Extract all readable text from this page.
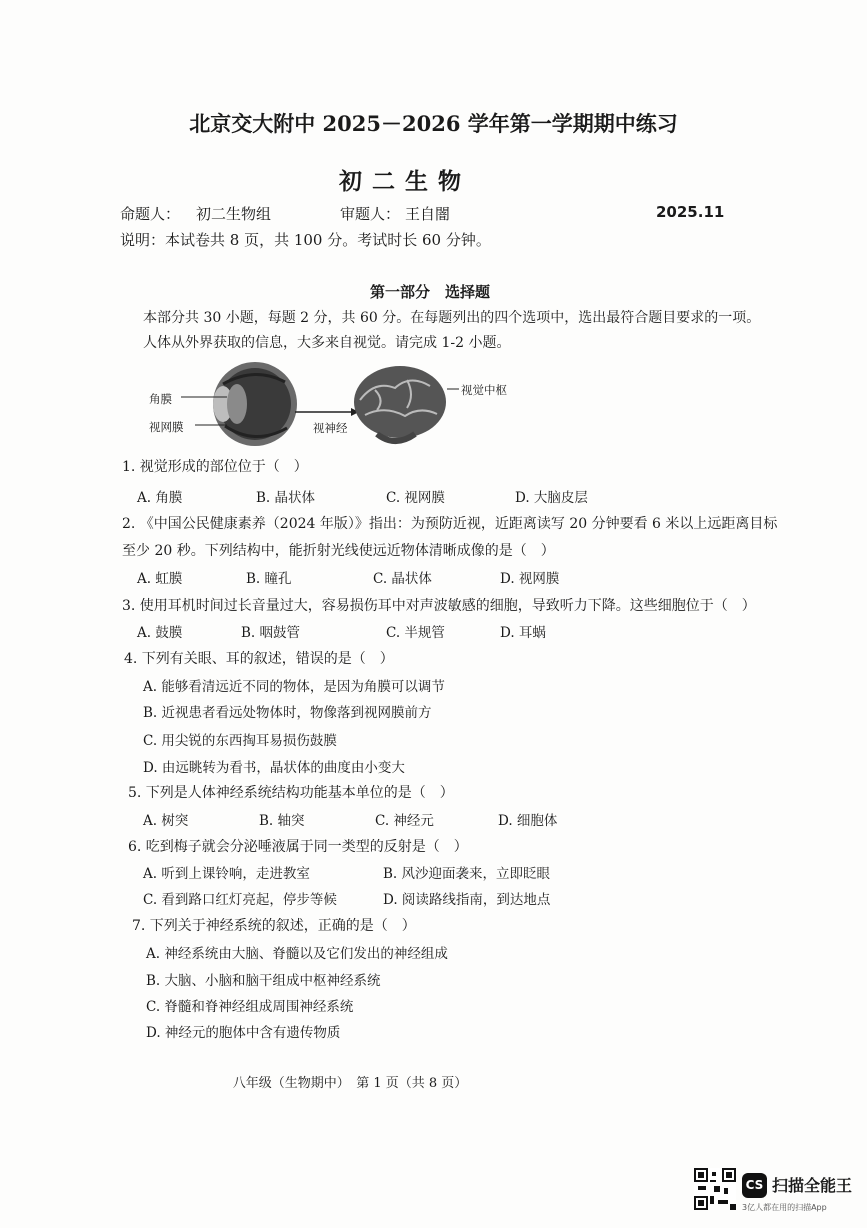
北京交大附中 2025－2026 学年第一学期期中练习
初二生物
命题人： 初二生物组	审题人： 王自闇	2025.11
说明：本试卷共 8 页，共 100 分。考试时长 60 分钟。
第一部分　选择题
本部分共 30 小题，每题 2 分，共 60 分。在每题列出的四个选项中，选出最符合题目要求的一项。
人体从外界获取的信息，大多来自视觉。请完成 1-2 小题。
角膜
视网膜	视神经
视觉中枢
1. 视觉形成的部位位于（　）
A. 角膜	B. 晶状体	C. 视网膜	D. 大脑皮层
2. 《中国公民健康素养（2024 年版）》指出：为预防近视，近距离读写 20 分钟要看 6 米以上远距离目标
至少 20 秒。下列结构中，能折射光线使远近物体清晰成像的是（　）
A. 虹膜	B. 瞳孔	C. 晶状体	D. 视网膜
3. 使用耳机时间过长音量过大，容易损伤耳中对声波敏感的细胞，导致听力下降。这些细胞位于（　）
A. 鼓膜	B. 咽鼓管	C. 半规管	D. 耳蜗
4. 下列有关眼、耳的叙述，错误的是（　）
A. 能够看清远近不同的物体，是因为角膜可以调节
B. 近视患者看远处物体时，物像落到视网膜前方
C. 用尖锐的东西掏耳易损伤鼓膜
D. 由远眺转为看书，晶状体的曲度由小变大
5. 下列是人体神经系统结构功能基本单位的是（　）
A. 树突	B. 轴突	C. 神经元	D. 细胞体
6. 吃到梅子就会分泌唾液属于同一类型的反射是（　）
A. 听到上课铃响，走进教室	B. 风沙迎面袭来，立即眨眼
C. 看到路口红灯亮起，停步等候	D. 阅读路线指南，到达地点
7. 下列关于神经系统的叙述，正确的是（　）
A. 神经系统由大脑、脊髓以及它们发出的神经组成
B. 大脑、小脑和脑干组成中枢神经系统
C. 脊髓和脊神经组成周围神经系统
D. 神经元的胞体中含有遗传物质
八年级（生物期中）　第 1 页（共 8 页）
CS 扫描全能王
3亿人都在用的扫描App
